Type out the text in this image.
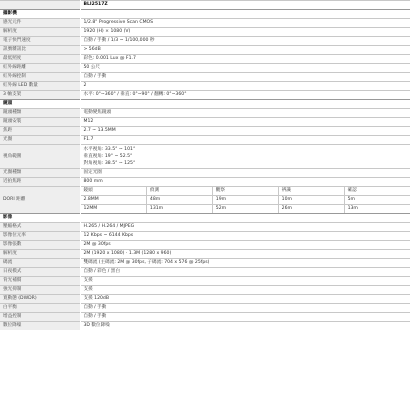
	BLI2517Z
攝影機
感光元件	1/2.8" Progressive Scan CMOS
解析度	1920 (H) × 1080 (V)
電子快門速度	自動 / 手動 / 1/3 ~ 1/100,000 秒
訊號雜訊比	> 56dB
最低照度	彩色: 0.001 Lux @ F1.7
紅外線距離	50 公尺
紅外線控制	自動 / 手動
紅外線 LED 數量	2
3 軸支架	水平: 0°~360° / 垂直: 0°~90° / 翻轉: 0°~360°
鏡頭
鏡頭種類	電動變焦鏡頭
鏡頭安裝	M12
焦距	2.7 ~ 13.5MM
光圈	F1.7
視角範圍	
水平視角: 33.5° ~ 101°
垂直視角: 19° ~ 52.5°
對角視角: 38.5° ~ 125°

光圈種類	固定光圈
近拍焦距	800 mm
DORI 距離	
鏡頭	偵測	觀察	辨識	確認
2.8MM	48m	19m	10m	5m
12MM	131m	52m	26m	13m

影像
壓縮格式	H.265 / H.264 / MJPEG
影像位元率	12 Kbps ~ 6144 Kbps
影像張數	2M @ 30fps
解析度	2M (1920 x 1080) · 1.3M (1280 x 960)
碼流	雙碼流 (主碼流: 2M @ 30fps, 子碼流: 704 x 576 @ 25fps)
日夜模式	自動 / 彩色 / 黑白
背光補償	支援
強光抑制	支援
寬動態 (DWDR)	支援 120dB
白平衡	自動 / 手動
增益控制	自動 / 手動
數位降噪	3D 數位降噪
